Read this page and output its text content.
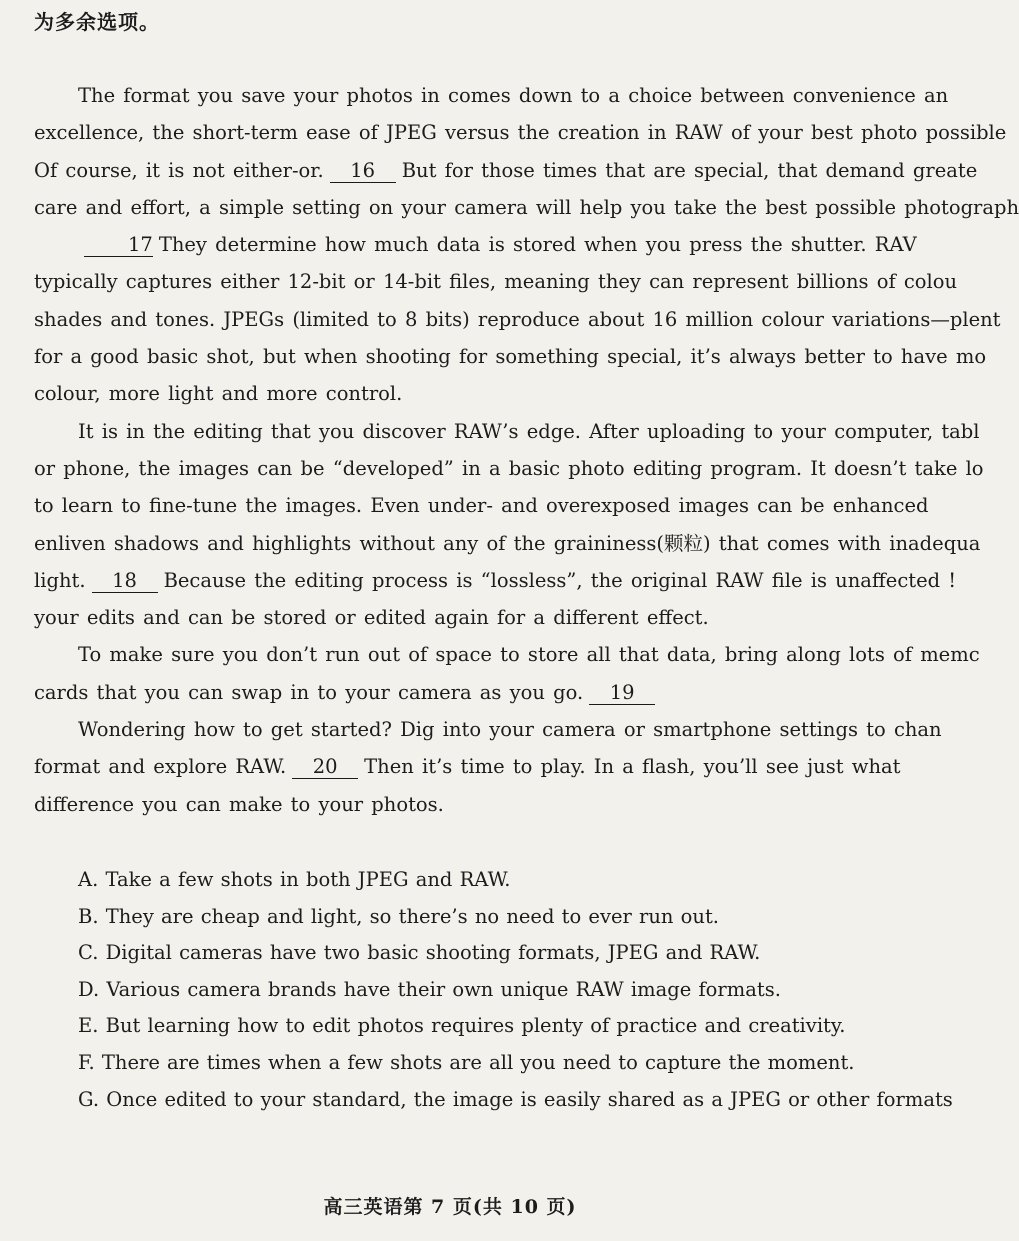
为多余选项。
The format you save your photos in comes down to a choice between convenience an
excellence, the short-term ease of JPEG versus the creation in RAW of your best photo possible
Of course, it is not either-or. 16 But for those times that are special, that demand greate
care and effort, a simple setting on your camera will help you take the best possible photograph
17 They determine how much data is stored when you press the shutter. RAV
typically captures either 12-bit or 14-bit files, meaning they can represent billions of colou
shades and tones. JPEGs (limited to 8 bits) reproduce about 16 million colour variations—plent
for a good basic shot, but when shooting for something special, it’s always better to have mo
colour, more light and more control.
It is in the editing that you discover RAW’s edge. After uploading to your computer, tabl
or phone, the images can be “developed” in a basic photo editing program. It doesn’t take lo
to learn to fine-tune the images. Even under- and overexposed images can be enhanced
enliven shadows and highlights without any of the graininess(颗粒) that comes with inadequa
light. 18 Because the editing process is “lossless”, the original RAW file is unaffected !
your edits and can be stored or edited again for a different effect.
To make sure you don’t run out of space to store all that data, bring along lots of memc
cards that you can swap in to your camera as you go. 19
Wondering how to get started? Dig into your camera or smartphone settings to chan
format and explore RAW. 20 Then it’s time to play. In a flash, you’ll see just what
difference you can make to your photos.
A. Take a few shots in both JPEG and RAW.
B. They are cheap and light, so there’s no need to ever run out.
C. Digital cameras have two basic shooting formats, JPEG and RAW.
D. Various camera brands have their own unique RAW image formats.
E. But learning how to edit photos requires plenty of practice and creativity.
F. There are times when a few shots are all you need to capture the moment.
G. Once edited to your standard, the image is easily shared as a JPEG or other formats
高三英语第 7 页(共 10 页)
